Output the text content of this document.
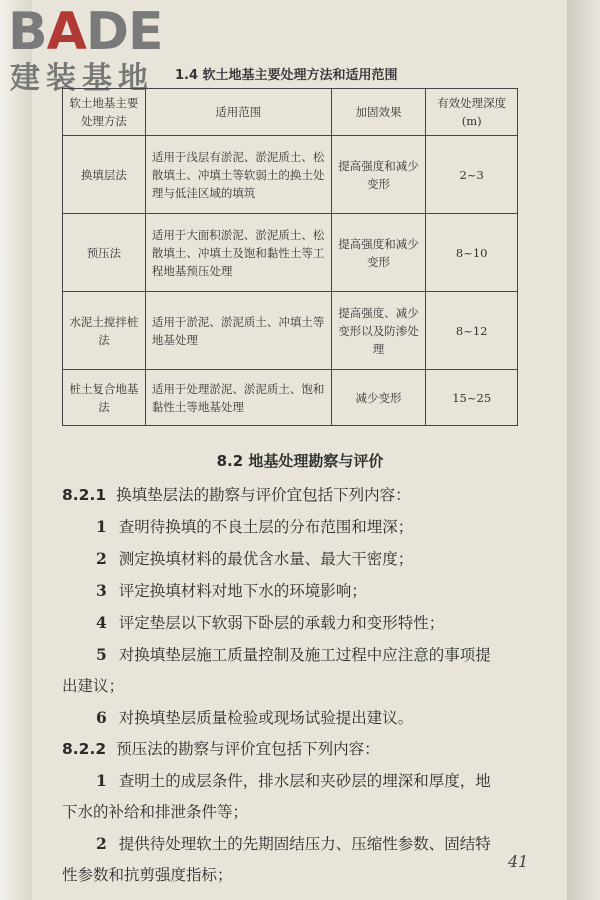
BADE
建装基地 1.4 软土地基主要处理方法和适用范围
软土地基主要处理方法	适用范围	加固效果	有效处理深度(m)
换填层法	适用于浅层有淤泥、淤泥质土、松散填土、冲填土等软弱土的换土处理与低洼区域的填筑	提高强度和减少变形	2~3
预压法	适用于大面积淤泥、淤泥质土、松散填土、冲填土及饱和黏性土等工程地基预压处理	提高强度和减少变形	8~10
水泥土搅拌桩法	适用于淤泥、淤泥质土、冲填土等地基处理	提高强度、减少变形以及防渗处理	8~12
桩土复合地基法	适用于处理淤泥、淤泥质土、饱和黏性土等地基处理	减少变形	15~25
8.2 地基处理勘察与评价
8.2.1 换填垫层法的勘察与评价宜包括下列内容：
1 查明待换填的不良土层的分布范围和埋深；
2 测定换填材料的最优含水量、最大干密度；
3 评定换填材料对地下水的环境影响；
4 评定垫层以下软弱下卧层的承载力和变形特性；
5 对换填垫层施工质量控制及施工过程中应注意的事项提
出建议；
6 对换填垫层质量检验或现场试验提出建议。
8.2.2 预压法的勘察与评价宜包括下列内容：
1 查明土的成层条件，排水层和夹砂层的埋深和厚度，地
下水的补给和排泄条件等；
2 提供待处理软土的先期固结压力、压缩性参数、固结特
性参数和抗剪强度指标；
41
